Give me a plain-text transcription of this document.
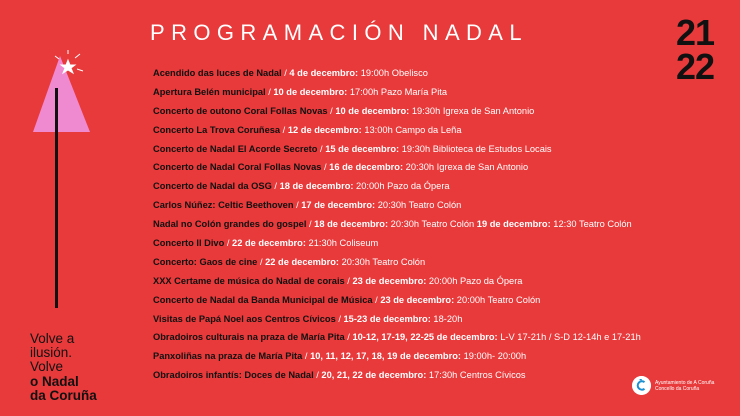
PROGRAMACIÓN NADAL	21
22
Acendido das luces de Nadal / 4 de decembro: 19:00h Obelisco
Apertura Belén municipal / 10 de decembro: 17:00h Pazo María Pita
Concerto de outono Coral Follas Novas / 10 de decembro: 19:30h Igrexa de San Antonio
Concerto La Trova Coruñesa / 12 de decembro: 13:00h Campo da Leña
Concerto de Nadal El Acorde Secreto / 15 de decembro: 19:30h Biblioteca de Estudos Locais
Concerto de Nadal Coral Follas Novas / 16 de decembro: 20:30h Igrexa de San Antonio
Concerto de Nadal da OSG / 18 de decembro: 20:00h Pazo da Ópera
Carlos Núñez: Celtic Beethoven / 17 de decembro: 20:30h Teatro Colón
Nadal no Colón grandes do gospel / 18 de decembro: 20:30h Teatro Colón 19 de decembro: 12:30 Teatro Colón
Concerto Il Divo / 22 de decembro: 21:30h Coliseum
Concerto: Gaos de cine / 22 de decembro: 20:30h Teatro Colón
XXX Certame de música do Nadal de corais / 23 de decembro: 20:00h Pazo da Ópera
Concerto de Nadal da Banda Municipal de Música / 23 de decembro: 20:00h Teatro Colón
Visitas de Papá Noel aos Centros Cívicos / 15-23 de decembro: 18-20h
Obradoiros culturais na praza de María Pita / 10-12, 17-19, 22-25 de decembro: L-V 17-21h / S-D 12-14h e 17-21h
Panxoliñas na praza de María Pita / 10, 11, 12, 17, 18, 19 de decembro: 19:00h- 20:00h
Obradoiros infantís: Doces de Nadal / 20, 21, 22 de decembro: 17:30h Centros Cívicos
Volve a
ilusión.
Volve
o Nadal
da Coruña
Ayuntamiento de A Coruña
Concello da Coruña
